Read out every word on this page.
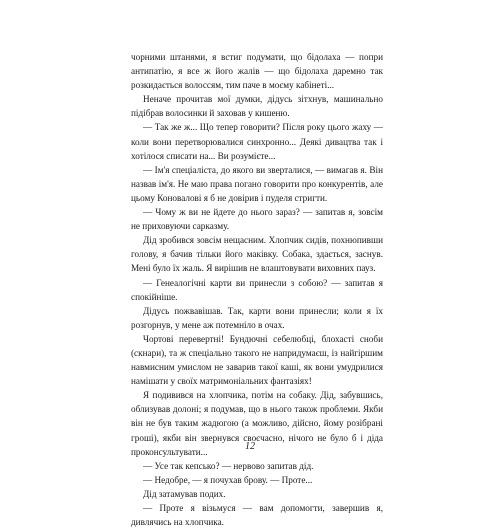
чорними штанями, я встиг подумати, що бідолаха — попри антипатію, я все ж його жалів — що бідолаха даремно так розкидається волоссям, тим паче в моєму кабінеті...

Неначе прочитав мої думки, дідусь зітхнув, машинально підібрав волосинки й заховав у кишеню.

— Так же ж... Що тепер говорити? Після року цього жаху — коли вони перетворювалися синхронно... Деякі дивацтва так і хотілося списати на... Ви розумієте...

— Ім'я спеціаліста, до якого ви зверталися, — вимагав я. Він назвав ім'я. Не маю права погано говорити про конкурентів, але цьому Коновалові я б не довірив і пуделя стригти.

— Чому ж ви не йдете до нього зараз? — запитав я, зовсім не приховуючи сарказму.

Дід зробився зовсім нещасним. Хлопчик сидів, похнюпивши голову, я бачив тільки його маківку. Собака, здається, заснув. Мені було їх жаль. Я вирішив не влаштовувати виховних пауз.

— Генеалогічні карти ви принесли з собою? — запитав я спокійніше.

Дідусь пожвавішав. Так, карти вони принесли; коли я їх розгорнув, у мене аж потемніло в очах.

Чортові перевертні! Бундючні себелюбці, блохасті сноби (скнари), та ж спеціально такого не напридумаєш, із найгіршим навмисним умислом не заварив такої каші, як вони умудрилися намішати у своїх матримоніальних фантазіях!

Я подивився на хлопчика, потім на собаку. Дід, забувшись, облизував долоні; я подумав, що в нього також проблеми. Якби він не був таким жадюгою (а можливо, дійсно, йому розібрані гроші), якби він звернувся своєчасно, нічого не було б і діда проконсультувати...

— Усе так кепсько? — нервово запитав дід.

— Недобре, — я почухав брову. — Проте...

Дід затамував подих.

— Проте я візьмуся — вам допомогти, завершив я, дивлячись на хлопчика.

12
